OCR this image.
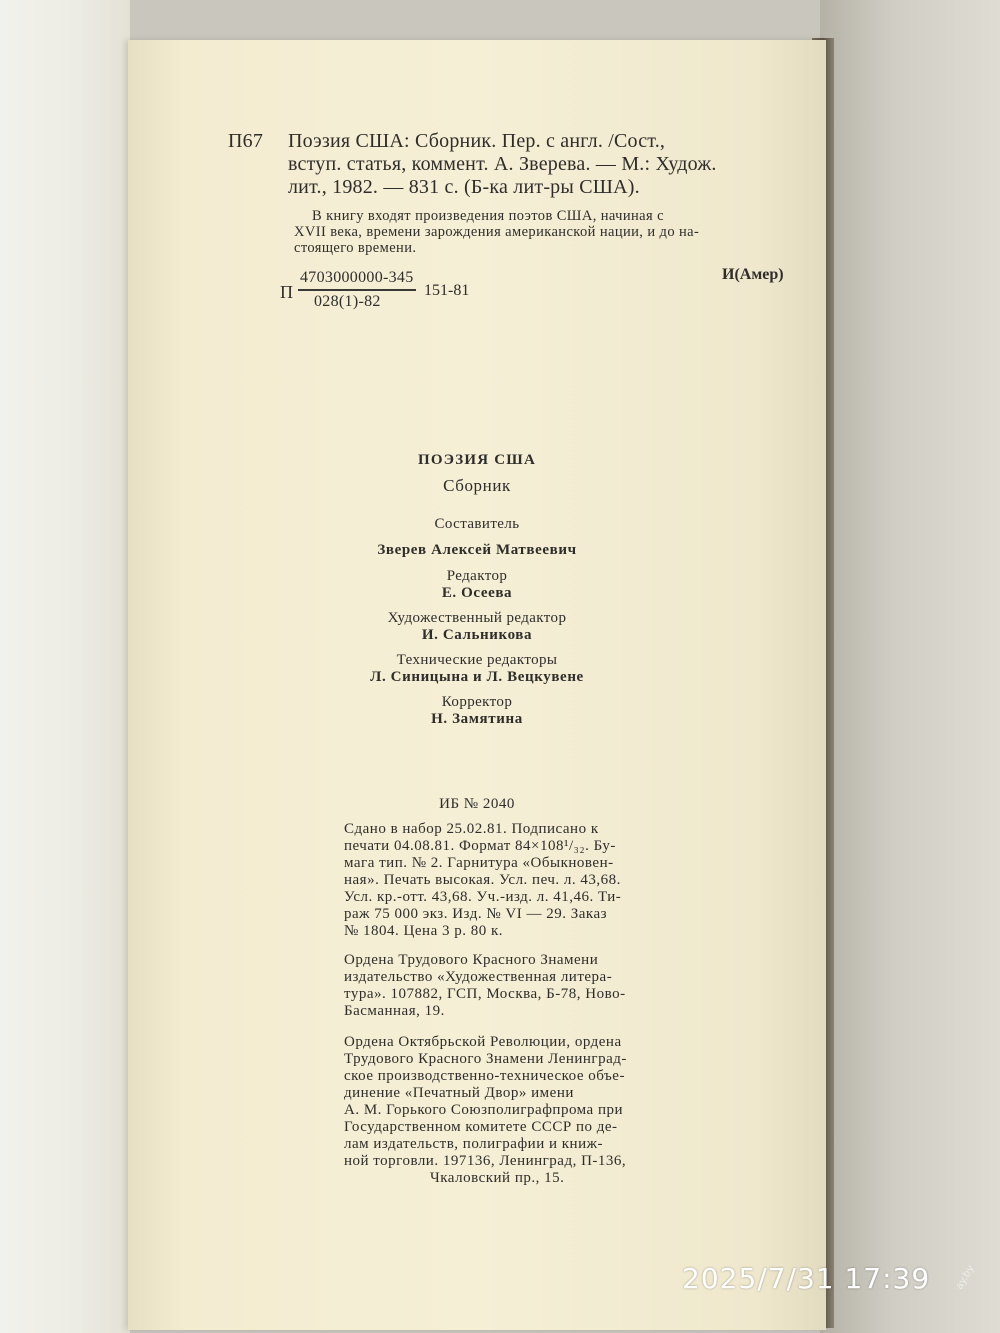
П67 Поэзия США: Сборник. Пер. с англ. /Сост.,
вступ. статья, коммент. А. Зверева. — М.: Худож.
лит., 1982. — 831 с. (Б-ка лит-ры США).
В книгу входят произведения поэтов США, начиная с
XVII века, времени зарождения американской нации, и до на-
стоящего времени.
П
4703000000-345
028(1)-82
151-81
И(Амер)
ПОЭЗИЯ США
Сборник
Составитель
Зверев Алексей Матвеевич
Редактор
Е. Осеева
Художественный редактор
И. Сальникова
Технические редакторы
Л. Синицына и Л. Вецкувене
Корректор
Н. Замятина
ИБ № 2040
Сдано в набор 25.02.81. Подписано к
печати 04.08.81. Формат 84×108¹/₃₂. Бу-
мага тип. № 2. Гарнитура «Обыкновен-
ная». Печать высокая. Усл. печ. л. 43,68.
Усл. кр.-отт. 43,68. Уч.-изд. л. 41,46. Ти-
раж 75 000 экз. Изд. № VI — 29. Заказ
№ 1804. Цена 3 р. 80 к.
Ордена Трудового Красного Знамени
издательство «Художественная литера-
тура». 107882, ГСП, Москва, Б-78, Ново-
Басманная, 19.
Ордена Октябрьской Революции, ордена
Трудового Красного Знамени Ленинград-
ское производственно-техническое объе-
динение «Печатный Двор» имени
А. М. Горького Союзполиграфпрома при
Государственном комитете СССР по де-
лам издательств, полиграфии и книж-
ной торговли. 197136, Ленинград, П-136,
Чкаловский пр., 15.
2025/7/31 17:39 ay.by
